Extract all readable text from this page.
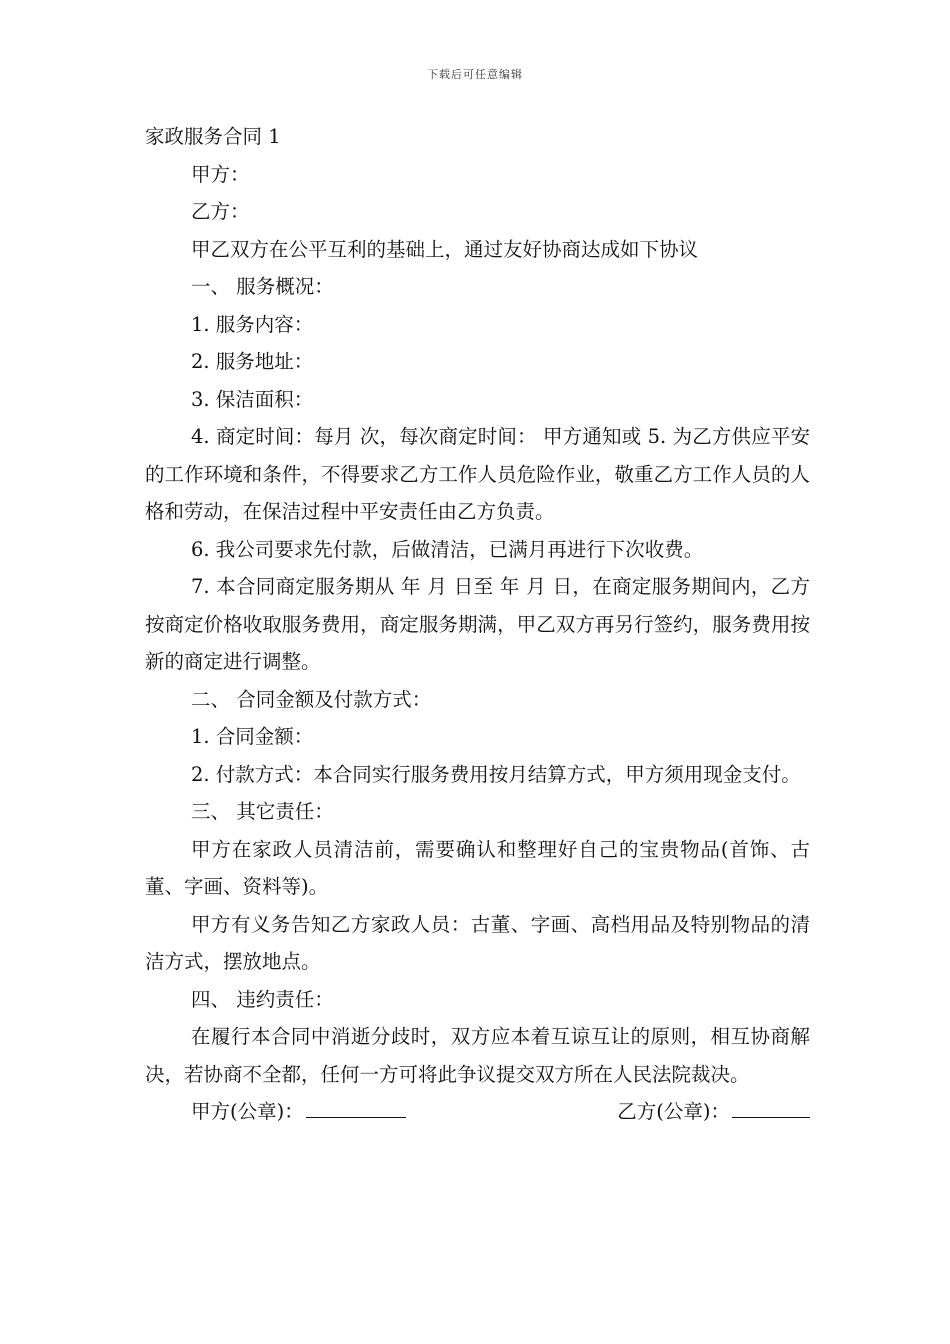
下载后可任意编辑

家政服务合同 1

甲方：

乙方：

甲乙双方在公平互利的基础上，通过友好协商达成如下协议

一、 服务概况：

1. 服务内容：

2. 服务地址：

3. 保洁面积：

4. 商定时间：每月 次，每次商定时间： 甲方通知或 5. 为乙方供应平安的工作环境和条件，不得要求乙方工作人员危险作业，敬重乙方工作人员的人格和劳动，在保洁过程中平安责任由乙方负责。

6. 我公司要求先付款，后做清洁，已满月再进行下次收费。

7. 本合同商定服务期从 年 月 日至 年 月 日，在商定服务期间内，乙方按商定价格收取服务费用，商定服务期满，甲乙双方再另行签约，服务费用按新的商定进行调整。

二、 合同金额及付款方式：

1. 合同金额：

2. 付款方式：本合同实行服务费用按月结算方式，甲方须用现金支付。

三、 其它责任：

甲方在家政人员清洁前，需要确认和整理好自己的宝贵物品(首饰、古董、字画、资料等)。

甲方有义务告知乙方家政人员：古董、字画、高档用品及特别物品的清洁方式，摆放地点。

四、 违约责任：

在履行本合同中消逝分歧时，双方应本着互谅互让的原则，相互协商解决，若协商不全都，任何一方可将此争议提交双方所在人民法院裁决。

甲方(公章)：	乙方(公章)：
